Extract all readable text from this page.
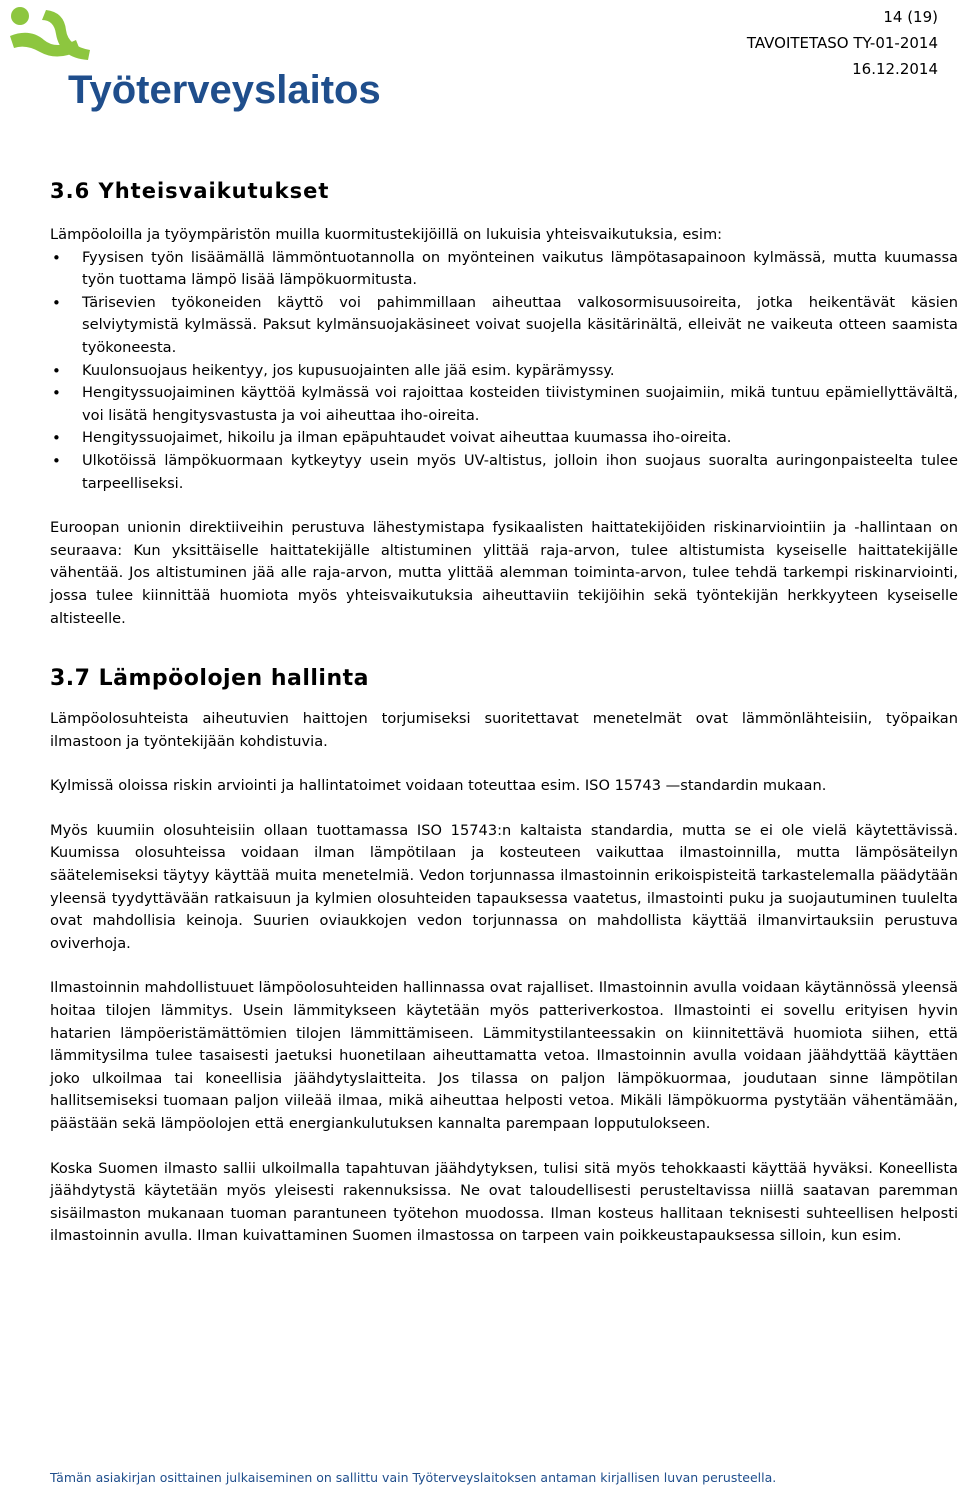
Työterveyslaitos
14 (19)
TAVOITETASO TY-01-2014
16.12.2014
3.6 Yhteisvaikutukset

Lämpöoloilla ja työympäristön muilla kuormitustekijöillä on lukuisia yhteisvaikutuksia, esim:

• Fyysisen työn lisäämällä lämmöntuotannolla on myönteinen vaikutus lämpötasapainoon kylmässä, mutta kuumassa työn tuottama lämpö lisää lämpökuormitusta.
• Tärisevien työkoneiden käyttö voi pahimmillaan aiheuttaa valkosormisuusoireita, jotka heikentävät käsien selviytymistä kylmässä. Paksut kylmänsuojakäsineet voivat suojella käsitärinältä, elleivät ne vaikeuta otteen saamista työkoneesta.
• Kuulonsuojaus heikentyy, jos kupusuojainten alle jää esim. kypärämyssy.
• Hengityssuojaiminen käyttöä kylmässä voi rajoittaa kosteiden tiivistyminen suojaimiin, mikä tuntuu epämiellyttävältä, voi lisätä hengitysvastusta ja voi aiheuttaa iho-oireita.
• Hengityssuojaimet, hikoilu ja ilman epäpuhtaudet voivat aiheuttaa kuumassa iho-oireita.
• Ulkotöissä lämpökuormaan kytkeytyy usein myös UV-altistus, jolloin ihon suojaus suoralta auringonpaisteelta tulee tarpeelliseksi.

Euroopan unionin direktiiveihin perustuva lähestymistapa fysikaalisten haittatekijöiden riskinarviointiin ja -hallintaan on seuraava: Kun yksittäiselle haittatekijälle altistuminen ylittää raja-arvon, tulee altistumista kyseiselle haittatekijälle vähentää. Jos altistuminen jää alle raja-arvon, mutta ylittää alemman toiminta-arvon, tulee tehdä tarkempi riskinarviointi, jossa tulee kiinnittää huomiota myös yhteisvaikutuksia aiheuttaviin tekijöihin sekä työntekijän herkkyyteen kyseiselle altisteelle.

3.7 Lämpöolojen hallinta

Lämpöolosuhteista aiheutuvien haittojen torjumiseksi suoritettavat menetelmät ovat lämmönlähteisiin, työpaikan ilmastoon ja työntekijään kohdistuvia.

Kylmissä oloissa riskin arviointi ja hallintatoimet voidaan toteuttaa esim. ISO 15743 —standardin mukaan.

Myös kuumiin olosuhteisiin ollaan tuottamassa ISO 15743:n kaltaista standardia, mutta se ei ole vielä käytettävissä. Kuumissa olosuhteissa voidaan ilman lämpötilaan ja kosteuteen vaikuttaa ilmastoinnilla, mutta lämpösäteilyn säätelemiseksi täytyy käyttää muita menetelmiä. Vedon torjunnassa ilmastoinnin erikoispisteitä tarkastelemalla päädytään yleensä tyydyttävään ratkaisuun ja kylmien olosuhteiden tapauksessa vaatetus, ilmastointi puku ja suojautuminen tuulelta ovat mahdollisia keinoja. Suurien oviaukkojen vedon torjunnassa on mahdollista käyttää ilmanvirtauksiin perustuva oviverhoja.

Ilmastoinnin mahdollistuuet lämpöolosuhteiden hallinnassa ovat rajalliset. Ilmastoinnin avulla voidaan käytännössä yleensä hoitaa tilojen lämmitys. Usein lämmitykseen käytetään myös patteriverkostoa. Ilmastointi ei sovellu erityisen hyvin hatarien lämpöeristämättömien tilojen lämmittämiseen. Lämmitystilanteessakin on kiinnitettävä huomiota siihen, että lämmitysilma tulee tasaisesti jaetuksi huonetilaan aiheuttamatta vetoa. Ilmastoinnin avulla voidaan jäähdyttää käyttäen joko ulkoilmaa tai koneellisia jäähdytyslaitteita. Jos tilassa on paljon lämpökuormaa, joudutaan sinne lämpötilan hallitsemiseksi tuomaan paljon viileää ilmaa, mikä aiheuttaa helposti vetoa. Mikäli lämpökuorma pystytään vähentämään, päästään sekä lämpöolojen että energiankulutuksen kannalta parempaan lopputulokseen.

Koska Suomen ilmasto sallii ulkoilmalla tapahtuvan jäähdytyksen, tulisi sitä myös tehokkaasti käyttää hyväksi. Koneellista jäähdytystä käytetään myös yleisesti rakennuksissa. Ne ovat taloudellisesti perusteltavissa niillä saatavan paremman sisäilmaston mukanaan tuoman parantuneen työtehon muodossa. Ilman kosteus hallitaan teknisesti suhteellisen helposti ilmastoinnin avulla. Ilman kuivattaminen Suomen ilmastossa on tarpeen vain poikkeustapauksessa silloin, kun esim.

Tämän asiakirjan osittainen julkaiseminen on sallittu vain Työterveyslaitoksen antaman kirjallisen luvan perusteella.
